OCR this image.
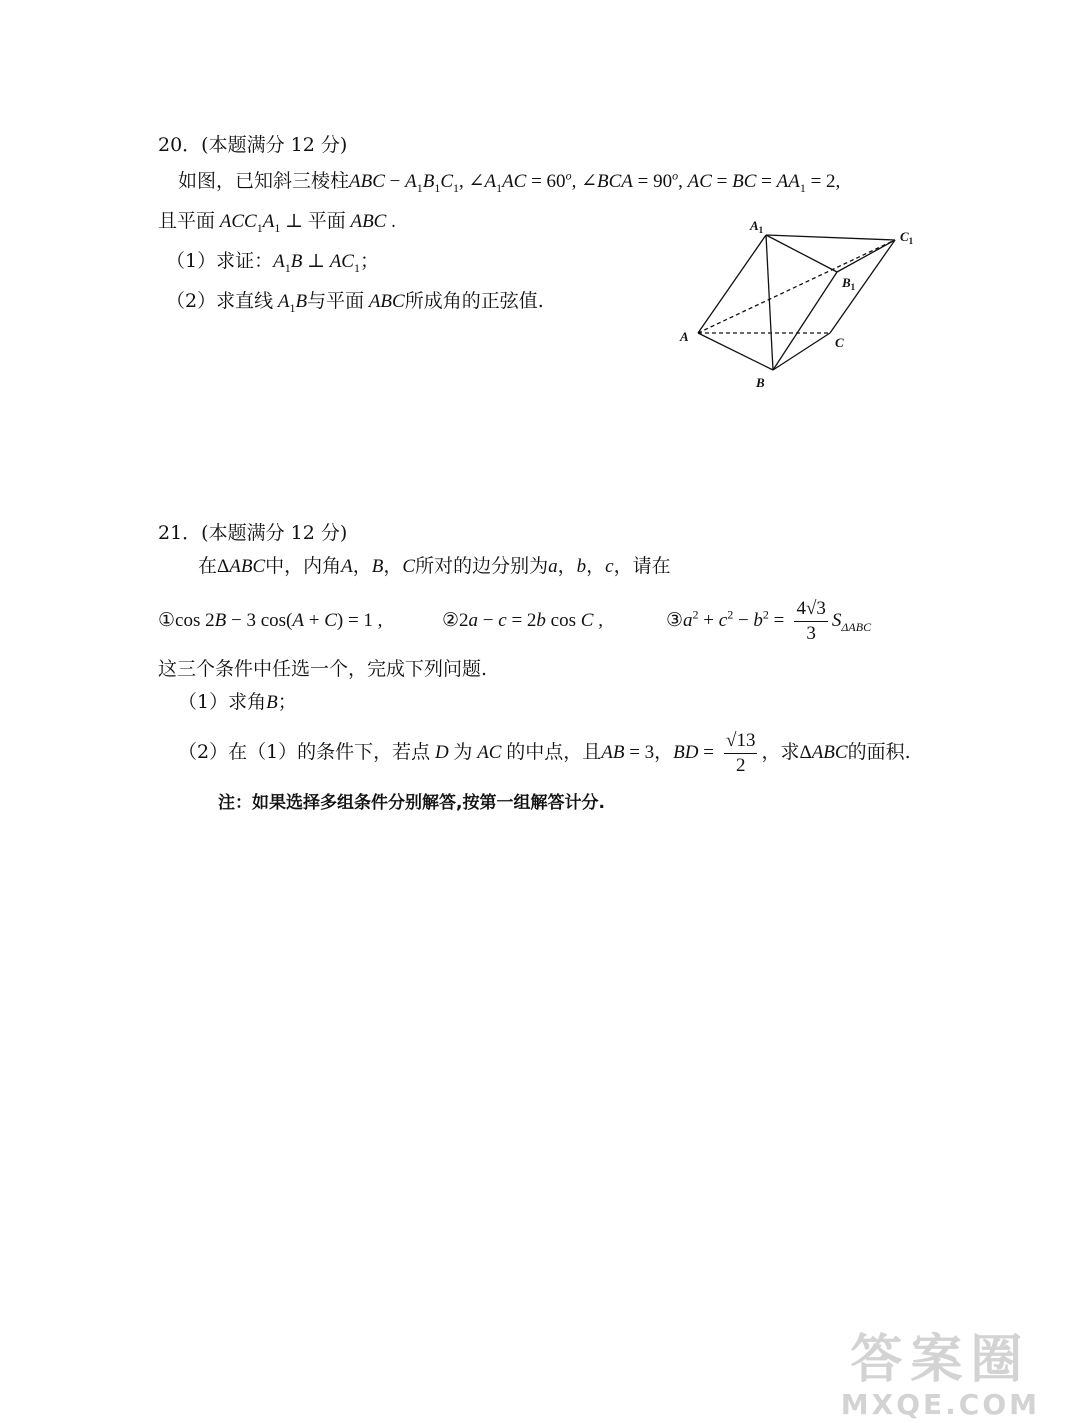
20．(本题满分 12 分)
如图，已知斜三棱柱ABC − $A_1B_1C_1$, $\angle A_1AC = 60^o$, ∠BCA = $90^o$, AC = BC = $AA_1 = 2$,
且平面 $ACC_1A_1$ ⊥ 平面 ABC .
（1）求证：$A_1B$ ⊥ $AC_1$；
（2）求直线 $A_1B$与平面 ABC所成角的正弦值.
$A_1$	$C_1$
$B_1$
A	C
B
21．(本题满分 12 分)
在ΔABC中，内角A，B，C所对的边分别为a，b，c，请在
①cos 2B − 3 cos(A + C) = 1 ,	②2a − c = 2b cos C ,	$③a^2 + c^2 - b^2 = \frac{4√3}{3} S_{\Delta ABC}$
这三个条件中任选一个，完成下列问题.
（1）求角B；
（2）在（1）的条件下，若点 D 为 AC 的中点，且AB = 3，BD = $\frac{√13}{2}$ ，求ΔABC的面积.
注：如果选择多组条件分别解答,按第一组解答计分.
答案圈
MXQE.COM
